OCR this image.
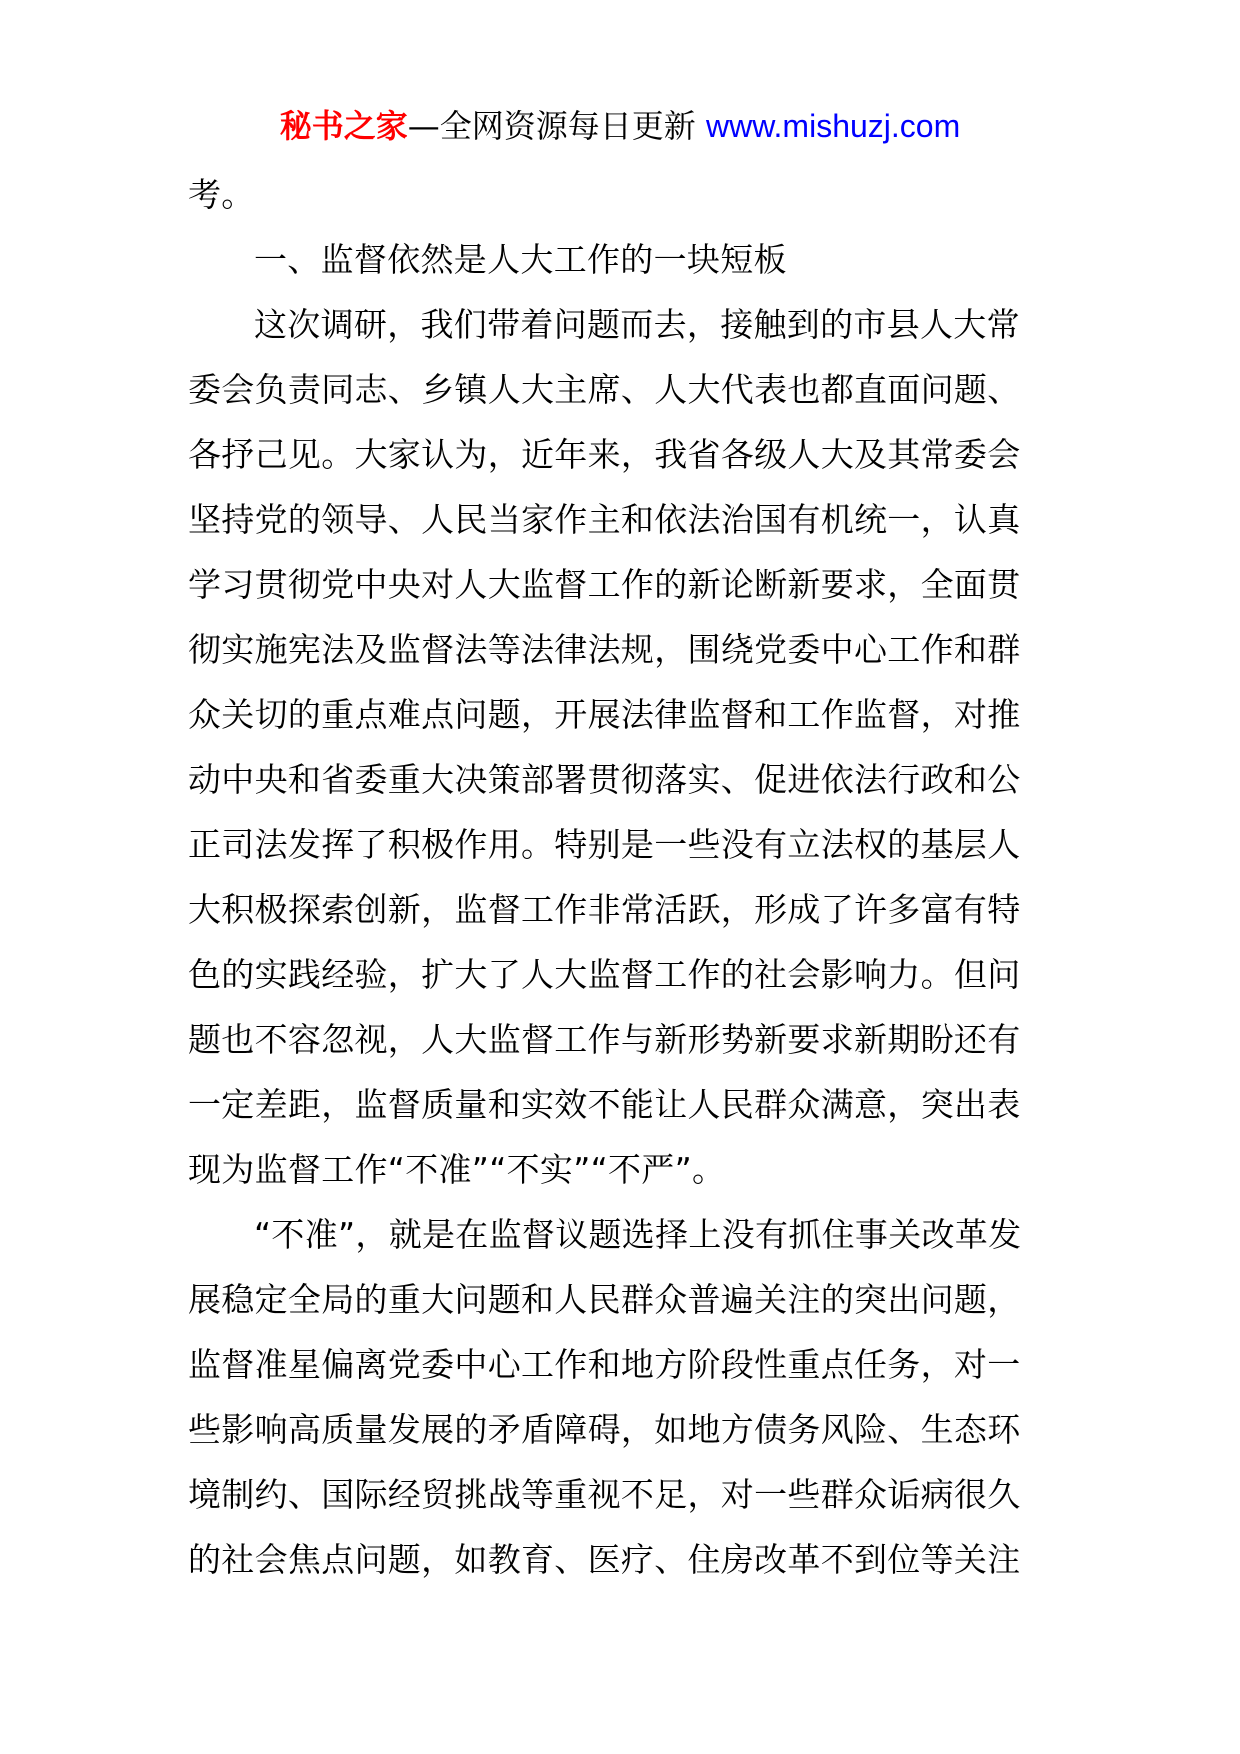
秘书之家—全网资源每日更新 www.mishuzj.com
考。
一、监督依然是人大工作的一块短板
这次调研，我们带着问题而去，接触到的市县人大常
委会负责同志、乡镇人大主席、人大代表也都直面问题、
各抒己见。大家认为，近年来，我省各级人大及其常委会
坚持党的领导、人民当家作主和依法治国有机统一，认真
学习贯彻党中央对人大监督工作的新论断新要求，全面贯
彻实施宪法及监督法等法律法规，围绕党委中心工作和群
众关切的重点难点问题，开展法律监督和工作监督，对推
动中央和省委重大决策部署贯彻落实、促进依法行政和公
正司法发挥了积极作用。特别是一些没有立法权的基层人
大积极探索创新，监督工作非常活跃，形成了许多富有特
色的实践经验，扩大了人大监督工作的社会影响力。但问
题也不容忽视，人大监督工作与新形势新要求新期盼还有
一定差距，监督质量和实效不能让人民群众满意，突出表
现为监督工作“不准”“不实”“不严”。
“不准”，就是在监督议题选择上没有抓住事关改革发
展稳定全局的重大问题和人民群众普遍关注的突出问题，
监督准星偏离党委中心工作和地方阶段性重点任务，对一
些影响高质量发展的矛盾障碍，如地方债务风险、生态环
境制约、国际经贸挑战等重视不足，对一些群众诟病很久
的社会焦点问题，如教育、医疗、住房改革不到位等关注
